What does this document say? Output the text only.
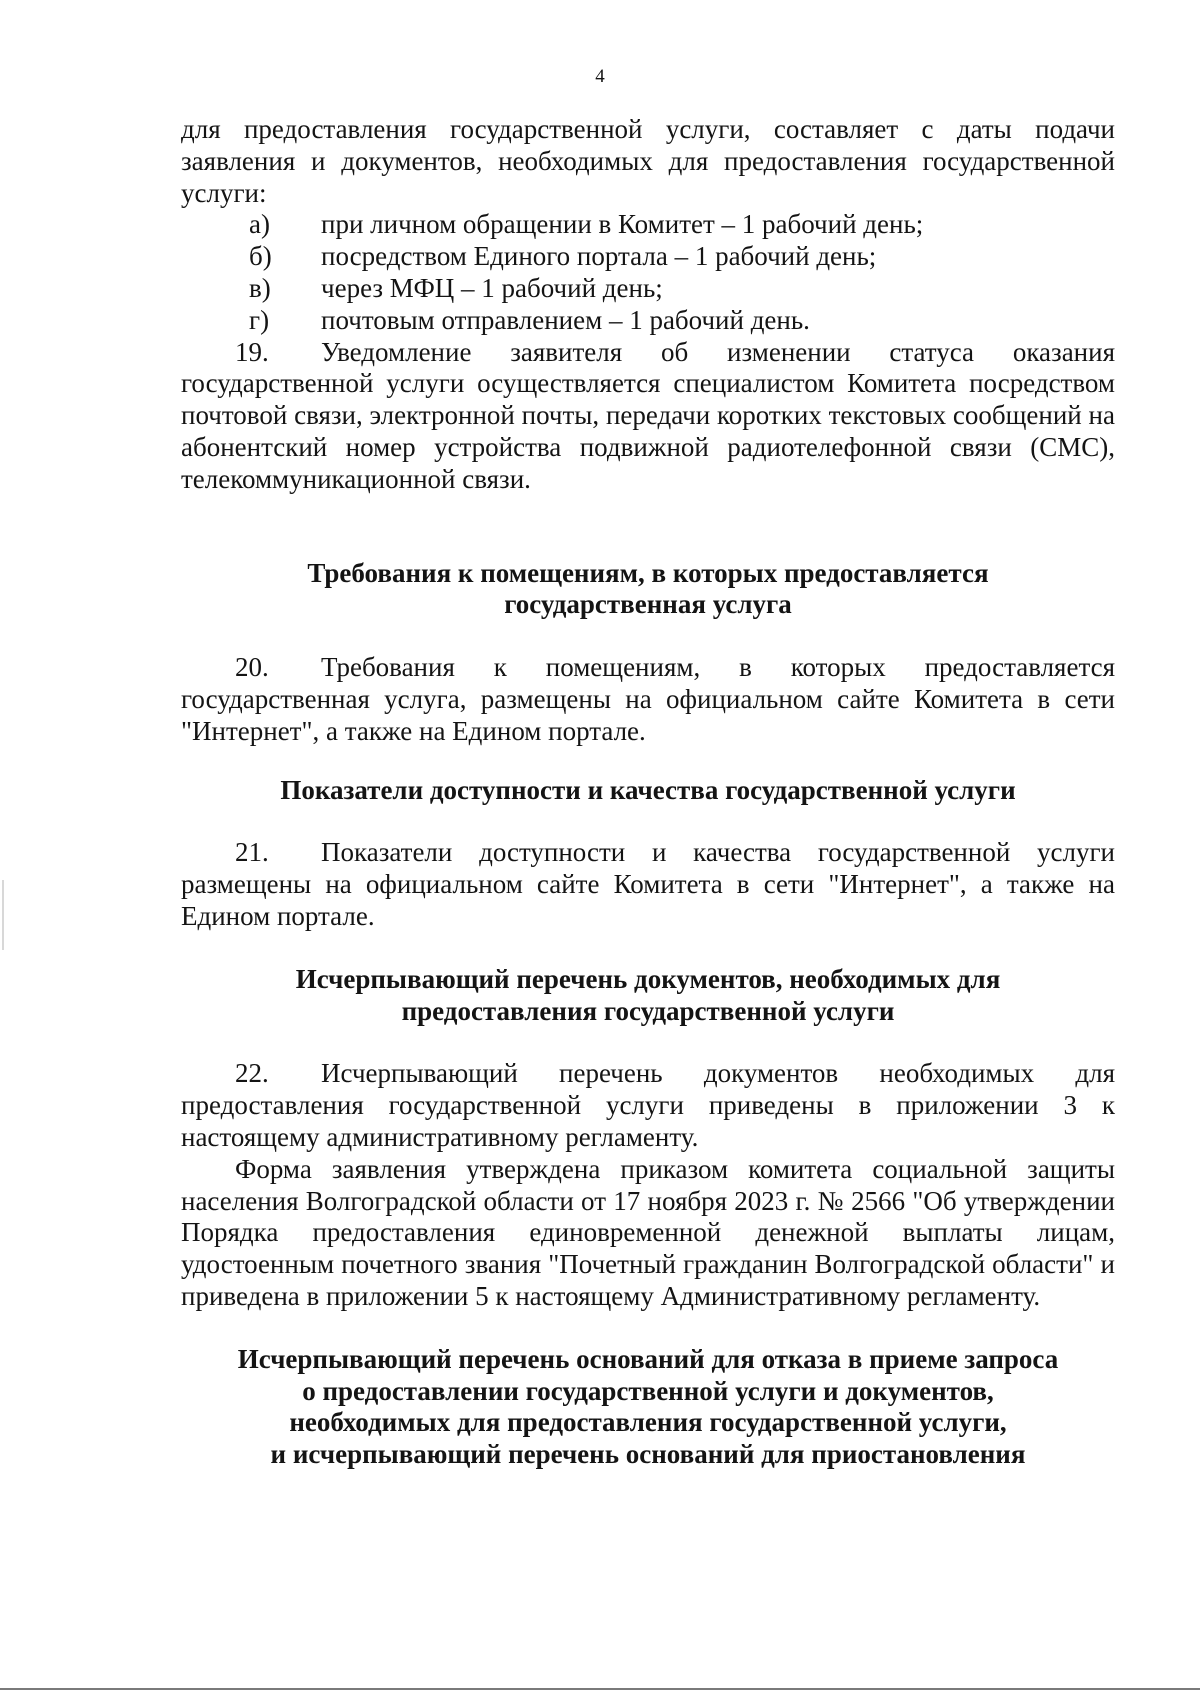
4

для предоставления государственной услуги, составляет с даты подачи заявления и документов, необходимых для предоставления государственной услуги:

а)	при личном обращении в Комитет – 1 рабочий день;
б)	посредством Единого портала – 1 рабочий день;
в)	через МФЦ – 1 рабочий день;
г)	почтовым отправлением – 1 рабочий день.

19. Уведомление заявителя об изменении статуса оказания государственной услуги осуществляется специалистом Комитета посредством почтовой связи, электронной почты, передачи коротких текстовых сообщений на абонентский номер устройства подвижной радиотелефонной связи (СМС), телекоммуникационной связи.

Требования к помещениям, в которых предоставляется
государственная услуга

20. Требования к помещениям, в которых предоставляется государственная услуга, размещены на официальном сайте Комитета в сети "Интернет", а также на Едином портале.

Показатели доступности и качества государственной услуги

21. Показатели доступности и качества государственной услуги размещены на официальном сайте Комитета в сети "Интернет", а также на Едином портале.

Исчерпывающий перечень документов, необходимых для
предоставления государственной услуги

22. Исчерпывающий перечень документов необходимых для предоставления государственной услуги приведены в приложении 3 к настоящему административному регламенту.

Форма заявления утверждена приказом комитета социальной защиты населения Волгоградской области от 17 ноября 2023 г. № 2566 "Об утверждении Порядка предоставления единовременной денежной выплаты лицам, удостоенным почетного звания "Почетный гражданин Волгоградской области" и приведена в приложении 5 к настоящему Административному регламенту.

Исчерпывающий перечень оснований для отказа в приеме запроса
о предоставлении государственной услуги и документов,
необходимых для предоставления государственной услуги,
и исчерпывающий перечень оснований для приостановления
